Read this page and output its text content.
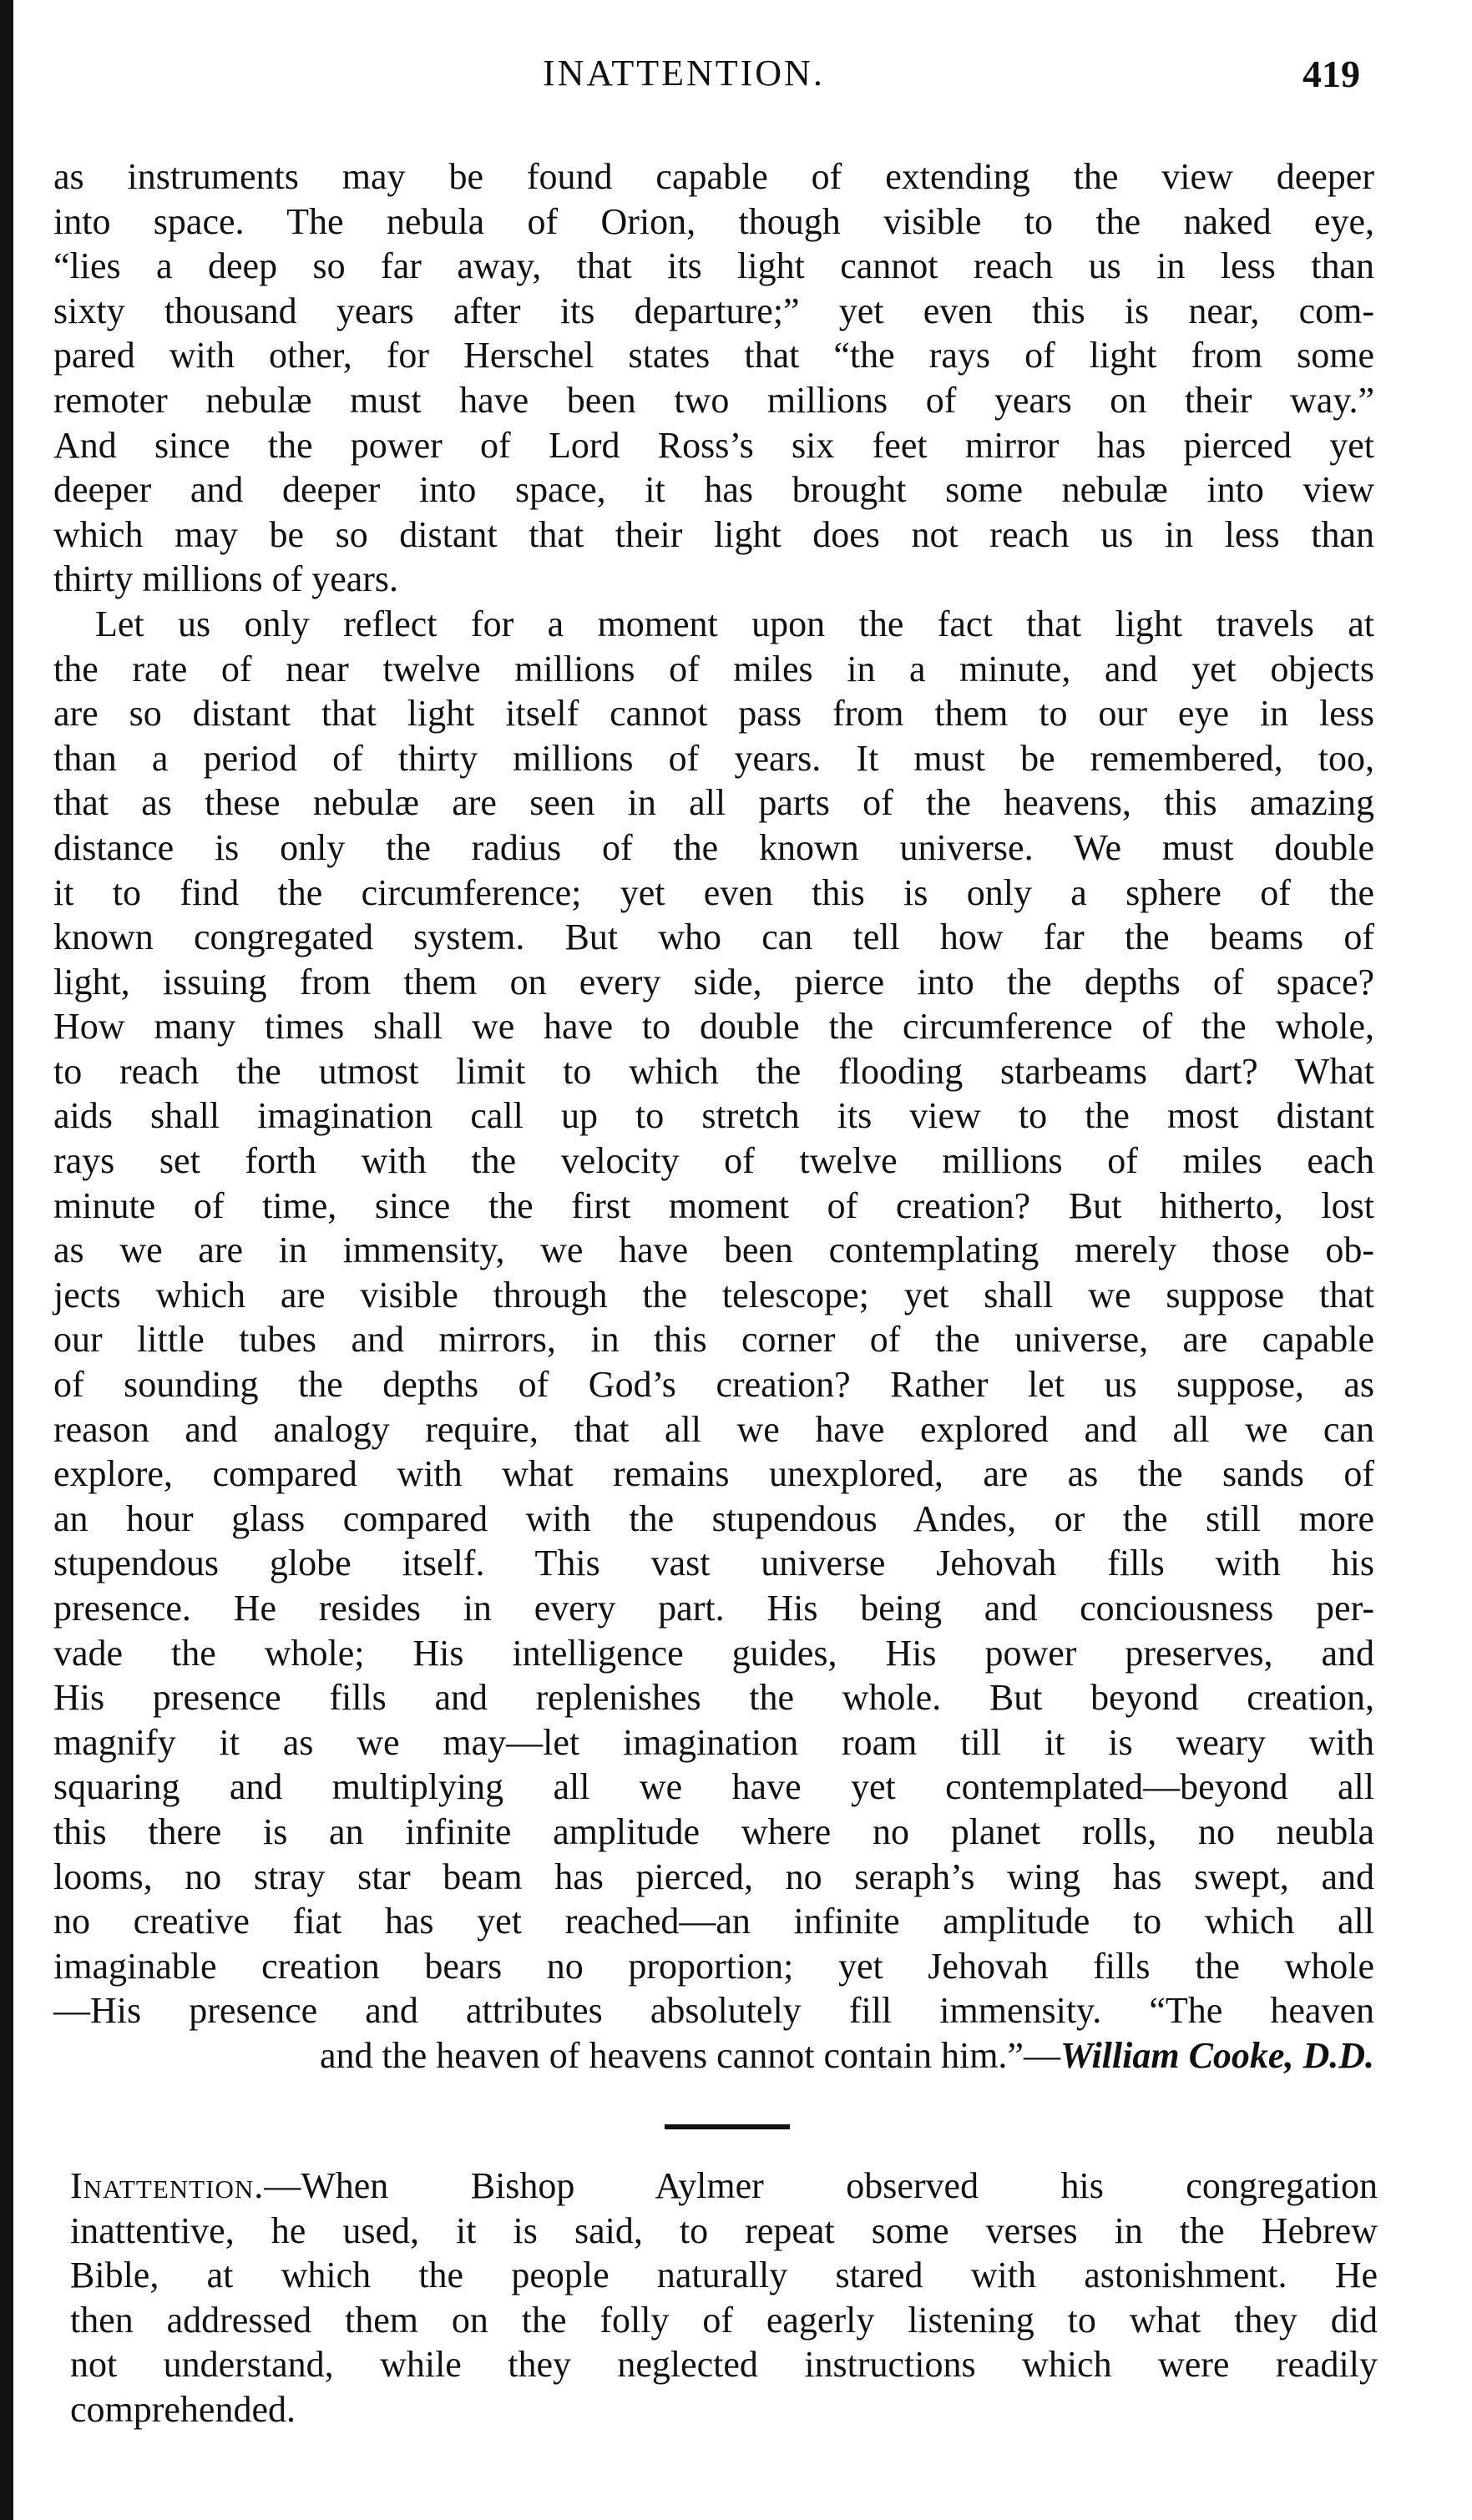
INATTENTION.	419
as instruments may be found capable of extending the view deeper
into space. The nebula of Orion, though visible to the naked eye,
“lies a deep so far away, that its light cannot reach us in less than
sixty thousand years after its departure;” yet even this is near, com-
pared with other, for Herschel states that “the rays of light from some
remoter nebulæ must have been two millions of years on their way.”
And since the power of Lord Ross’s six feet mirror has pierced yet
deeper and deeper into space, it has brought some nebulæ into view
which may be so distant that their light does not reach us in less than
thirty millions of years.
Let us only reflect for a moment upon the fact that light travels at
the rate of near twelve millions of miles in a minute, and yet objects
are so distant that light itself cannot pass from them to our eye in less
than a period of thirty millions of years. It must be remembered, too,
that as these nebulæ are seen in all parts of the heavens, this amazing
distance is only the radius of the known universe. We must double
it to find the circumference; yet even this is only a sphere of the
known congregated system. But who can tell how far the beams of
light, issuing from them on every side, pierce into the depths of space?
How many times shall we have to double the circumference of the whole,
to reach the utmost limit to which the flooding starbeams dart? What
aids shall imagination call up to stretch its view to the most distant
rays set forth with the velocity of twelve millions of miles each
minute of time, since the first moment of creation? But hitherto, lost
as we are in immensity, we have been contemplating merely those ob-
jects which are visible through the telescope; yet shall we suppose that
our little tubes and mirrors, in this corner of the universe, are capable
of sounding the depths of God’s creation? Rather let us suppose, as
reason and analogy require, that all we have explored and all we can
explore, compared with what remains unexplored, are as the sands of
an hour glass compared with the stupendous Andes, or the still more
stupendous globe itself. This vast universe Jehovah fills with his
presence. He resides in every part. His being and conciousness per-
vade the whole; His intelligence guides, His power preserves, and
His presence fills and replenishes the whole. But beyond creation,
magnify it as we may—let imagination roam till it is weary with
squaring and multiplying all we have yet contemplated—beyond all
this there is an infinite amplitude where no planet rolls, no neubla
looms, no stray star beam has pierced, no seraph’s wing has swept, and
no creative fiat has yet reached—an infinite amplitude to which all
imaginable creation bears no proportion; yet Jehovah fills the whole
—His presence and attributes absolutely fill immensity. “The heaven
and the heaven of heavens cannot contain him.”—William Cooke, D.D.
Inattention.—When Bishop Aylmer observed his congregation
inattentive, he used, it is said, to repeat some verses in the Hebrew
Bible, at which the people naturally stared with astonishment. He
then addressed them on the folly of eagerly listening to what they did
not understand, while they neglected instructions which were readily
comprehended.
